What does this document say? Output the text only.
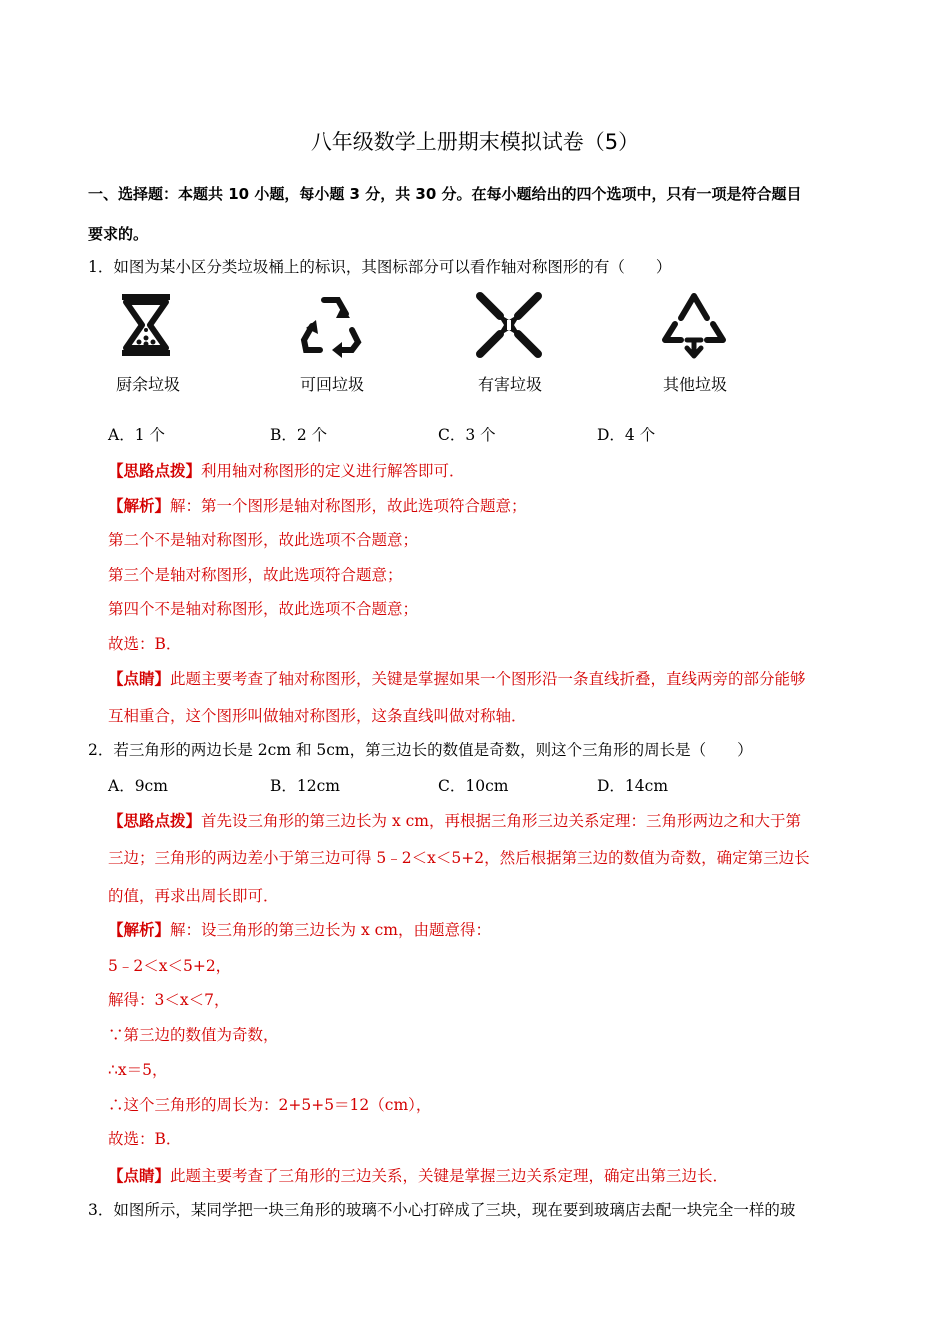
八年级数学上册期末模拟试卷（5）
一、选择题：本题共 10 小题，每小题 3 分，共 30 分。在每小题给出的四个选项中，只有一项是符合题目
要求的。
1．如图为某小区分类垃圾桶上的标识，其图标部分可以看作轴对称图形的有（　　）
厨余垃圾	可回垃圾	有害垃圾	其他垃圾
A．1 个	B．2 个	C．3 个	D．4 个
【思路点拨】利用轴对称图形的定义进行解答即可．
【解析】解：第一个图形是轴对称图形，故此选项符合题意；
第二个不是轴对称图形，故此选项不合题意；
第三个是轴对称图形，故此选项符合题意；
第四个不是轴对称图形，故此选项不合题意；
故选：B．
【点睛】此题主要考查了轴对称图形，关键是掌握如果一个图形沿一条直线折叠，直线两旁的部分能够
互相重合，这个图形叫做轴对称图形，这条直线叫做对称轴．
2．若三角形的两边长是 2cm 和 5cm，第三边长的数值是奇数，则这个三角形的周长是（　　）
A．9cm	B．12cm	C．10cm	D．14cm
【思路点拨】首先设三角形的第三边长为 x cm，再根据三角形三边关系定理：三角形两边之和大于第
三边；三角形的两边差小于第三边可得 5﹣2＜x＜5+2，然后根据第三边的数值为奇数，确定第三边长
的值，再求出周长即可．
【解析】解：设三角形的第三边长为 x cm，由题意得：
5﹣2＜x＜5+2，
解得：3＜x＜7，
∵第三边的数值为奇数，
∴x＝5，
∴这个三角形的周长为：2+5+5＝12（cm），
故选：B．
【点睛】此题主要考查了三角形的三边关系，关键是掌握三边关系定理，确定出第三边长．
3．如图所示，某同学把一块三角形的玻璃不小心打碎成了三块，现在要到玻璃店去配一块完全一样的玻
